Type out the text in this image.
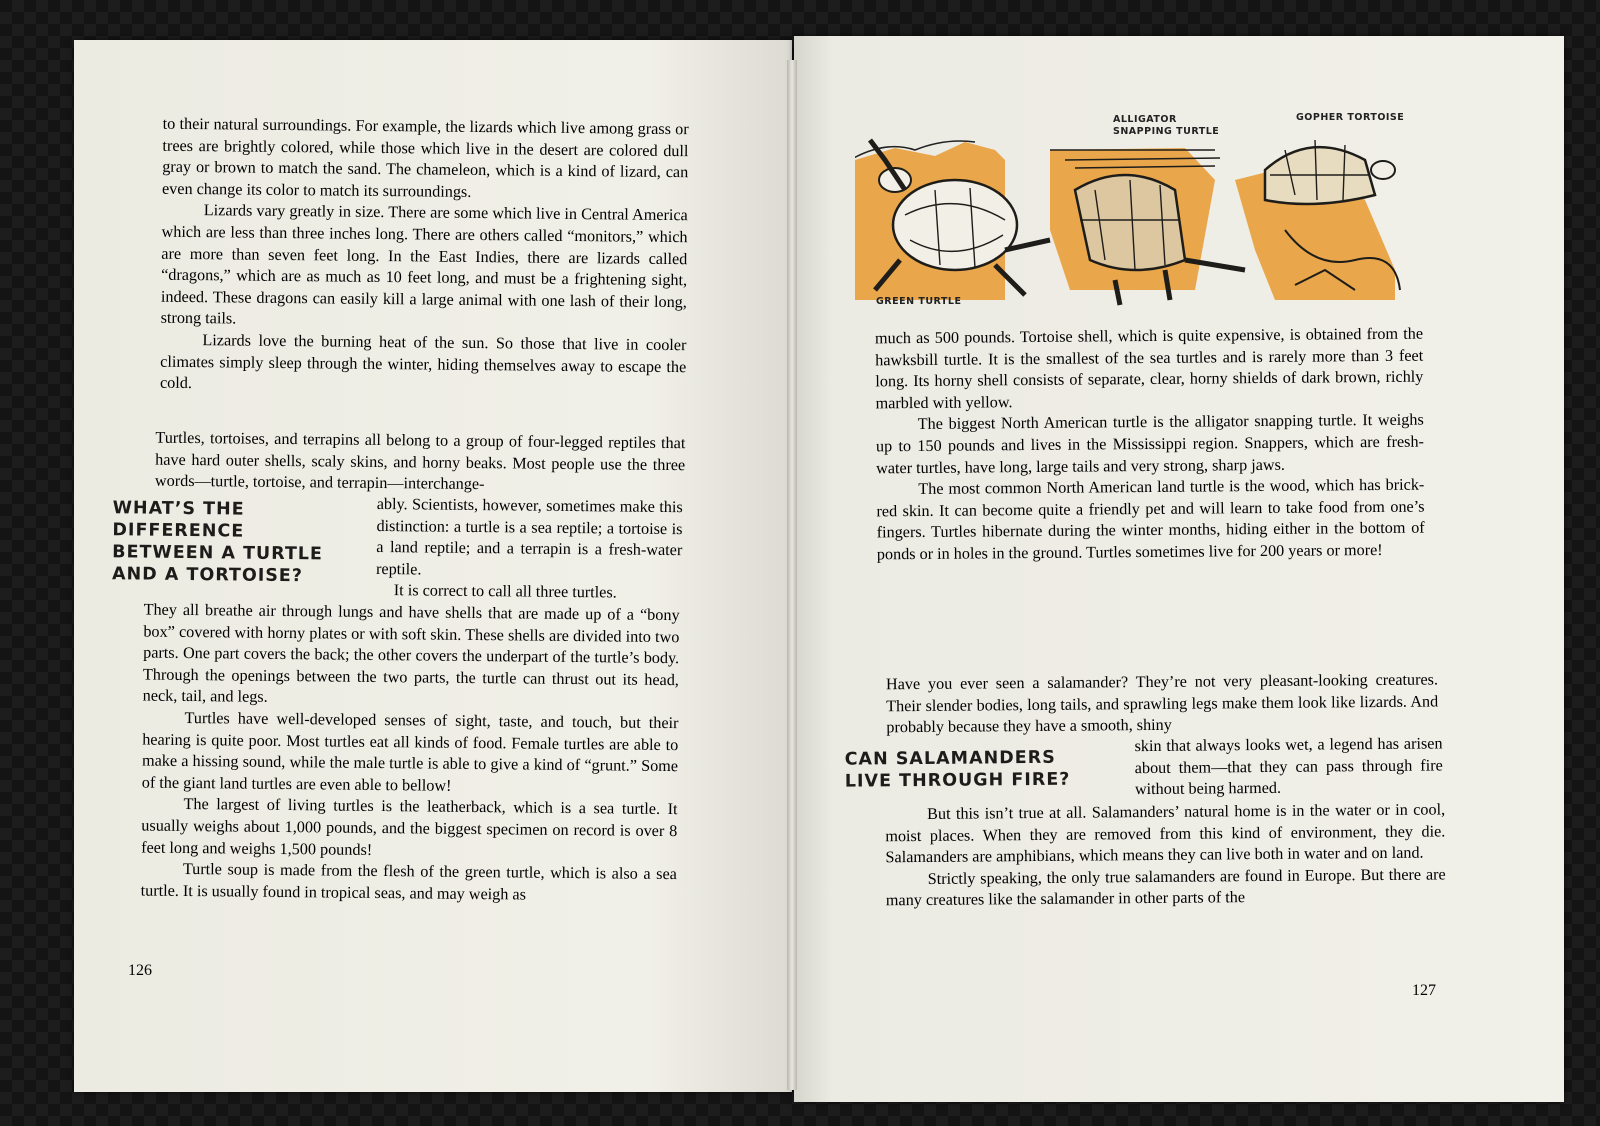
to their natural surroundings. For example, the lizards which live among grass or trees are brightly colored, while those which live in the desert are colored dull gray or brown to match the sand. The chameleon, which is a kind of lizard, can even change its color to match its surroundings.

Lizards vary greatly in size. There are some which live in Central America which are less than three inches long. There are others called “monitors,” which are more than seven feet long. In the East Indies, there are lizards called “dragons,” which are as much as 10 feet long, and must be a frightening sight, indeed. These dragons can easily kill a large animal with one lash of their long, strong tails.

Lizards love the burning heat of the sun. So those that live in cooler climates simply sleep through the winter, hiding themselves away to escape the cold.

Turtles, tortoises, and terrapins all belong to a group of four-legged reptiles that have hard outer shells, scaly skins, and horny beaks. Most people use the three words—turtle, tortoise, and terrapin—interchange-

WHAT’S THE
DIFFERENCE
BETWEEN A TURTLE
AND A TORTOISE?

ably. Scientists, however, sometimes make this distinction: a turtle is a sea reptile; a tortoise is a land reptile; and a terrapin is a fresh-water reptile.

It is correct to call all three turtles.

They all breathe air through lungs and have shells that are made up of a “bony box” covered with horny plates or with soft skin. These shells are divided into two parts. One part covers the back; the other covers the underpart of the turtle’s body. Through the openings between the two parts, the turtle can thrust out its head, neck, tail, and legs.

Turtles have well-developed senses of sight, taste, and touch, but their hearing is quite poor. Most turtles eat all kinds of food. Female turtles are able to make a hissing sound, while the male turtle is able to give a kind of “grunt.” Some of the giant land turtles are even able to bellow!

The largest of living turtles is the leatherback, which is a sea turtle. It usually weighs about 1,000 pounds, and the biggest specimen on record is over 8 feet long and weighs 1,500 pounds!

Turtle soup is made from the flesh of the green turtle, which is also a sea turtle. It is usually found in tropical seas, and may weigh as

126
GREEN TURTLE
ALLIGATOR
SNAPPING TURTLE
GOPHER TORTOISE

much as 500 pounds. Tortoise shell, which is quite expensive, is obtained from the hawksbill turtle. It is the smallest of the sea turtles and is rarely more than 3 feet long. Its horny shell consists of separate, clear, horny shields of dark brown, richly marbled with yellow.

The biggest North American turtle is the alligator snapping turtle. It weighs up to 150 pounds and lives in the Mississippi region. Snappers, which are fresh-water turtles, have long, large tails and very strong, sharp jaws.

The most common North American land turtle is the wood, which has brick-red skin. It can become quite a friendly pet and will learn to take food from one’s fingers. Turtles hibernate during the winter months, hiding either in the bottom of ponds or in holes in the ground. Turtles sometimes live for 200 years or more!

Have you ever seen a salamander? They’re not very pleasant-looking creatures. Their slender bodies, long tails, and sprawling legs make them look like lizards. And probably because they have a smooth, shiny

CAN SALAMANDERS
LIVE THROUGH FIRE?

skin that always looks wet, a legend has arisen about them—that they can pass through fire without being harmed.

But this isn’t true at all. Salamanders’ natural home is in the water or in cool, moist places. When they are removed from this kind of environment, they die. Salamanders are amphibians, which means they can live both in water and on land.

Strictly speaking, the only true salamanders are found in Europe. But there are many creatures like the salamander in other parts of the

127
